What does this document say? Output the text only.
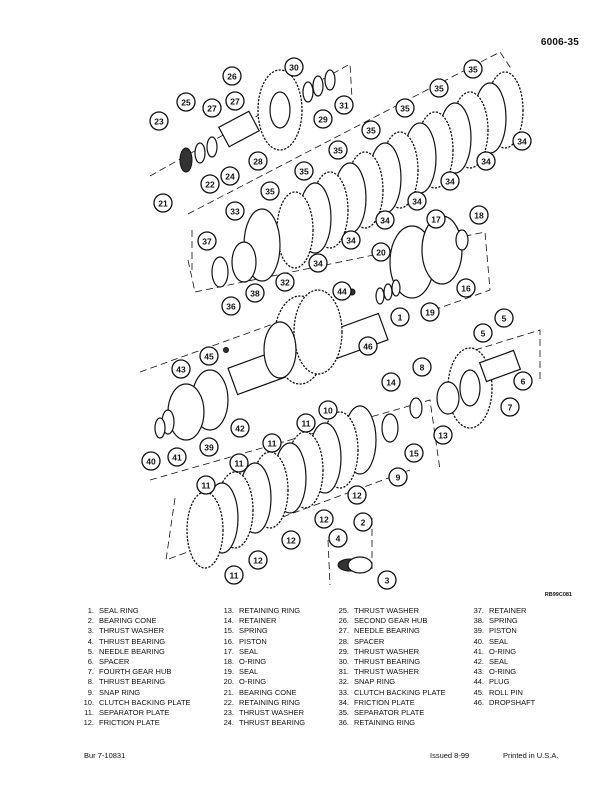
6006-35
1
2
3
4
5
5
6
7
8
9
10
11
11
11
11
11
12
12
12
12
13
14
15
16
17	18
19
20
21
22
23
24
25
26
27
27
28
29
30
31
32
33
34
34
34
34
34
34
34
35
35
35
35
35
35
35
36
37
38
39
40 41
42
43
44
45
46
RB99C081
1. SEAL RING
2. BEARING CONE
3. THRUST WASHER
4. THRUST BEARING
5. NEEDLE BEARING
6. SPACER
7. FOURTH GEAR HUB
8. THRUST BEARING
9. SNAP RING
10. CLUTCH BACKING PLATE
11. SEPARATOR PLATE
12. FRICTION PLATE
13. RETAINING RING
14. RETAINER
15. SPRING
16. PISTON
17. SEAL
18. O-RING
19. SEAL
20. O-RING
21. BEARING CONE
22. RETAINING RING
23. THRUST WASHER
24. THRUST BEARING
25. THRUST WASHER
26. SECOND GEAR HUB
27. NEEDLE BEARING
28. SPACER
29. THRUST WASHER
30. THRUST BEARING
31. THRUST WASHER
32. SNAP RING
33. CLUTCH BACKING PLATE
34. FRICTION PLATE
35. SEPARATOR PLATE
36. RETAINING RING
37. RETAINER
38. SPRING
39. PISTON
40. SEAL
41. O-RING
42. SEAL
43. O-RING
44. PLUG
45. ROLL PIN
46. DROPSHAFT
Bur 7-10831	Issued 8-99	Printed in U.S.A.
